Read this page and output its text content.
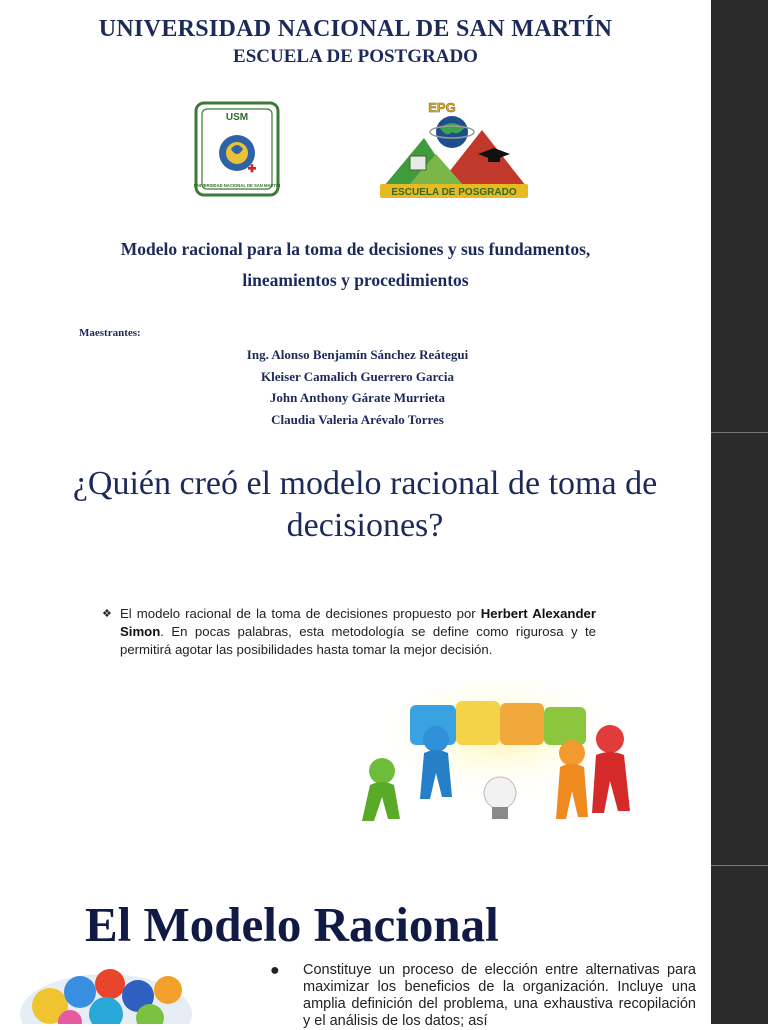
UNIVERSIDAD NACIONAL DE SAN MARTÍN
ESCUELA DE POSTGRADO
USM
UNIVERSIDAD NACIONAL DE SAN MARTIN
EPG
ESCUELA DE POSGRADO
Modelo racional para la toma de decisiones y sus fundamentos,
lineamientos y procedimientos
Maestrantes:
Ing. Alonso Benjamín Sánchez Reátegui
Kleiser Camalich Guerrero Garcia
John Anthony Gárate Murrieta
Claudia Valeria Arévalo Torres
¿Quién creó el modelo racional de toma de
decisiones?
❖ El modelo racional de la toma de decisiones propuesto por Herbert Alexander Simon. En pocas palabras, esta metodología se define como rigurosa y te permitirá agotar las posibilidades hasta tomar la mejor decisión.
El Modelo Racional
●	Constituye un proceso de elección entre alternativas para maximizar los beneficios de la organización. Incluye una amplia definición del problema, una exhaustiva recopilación y el análisis de los datos; así
